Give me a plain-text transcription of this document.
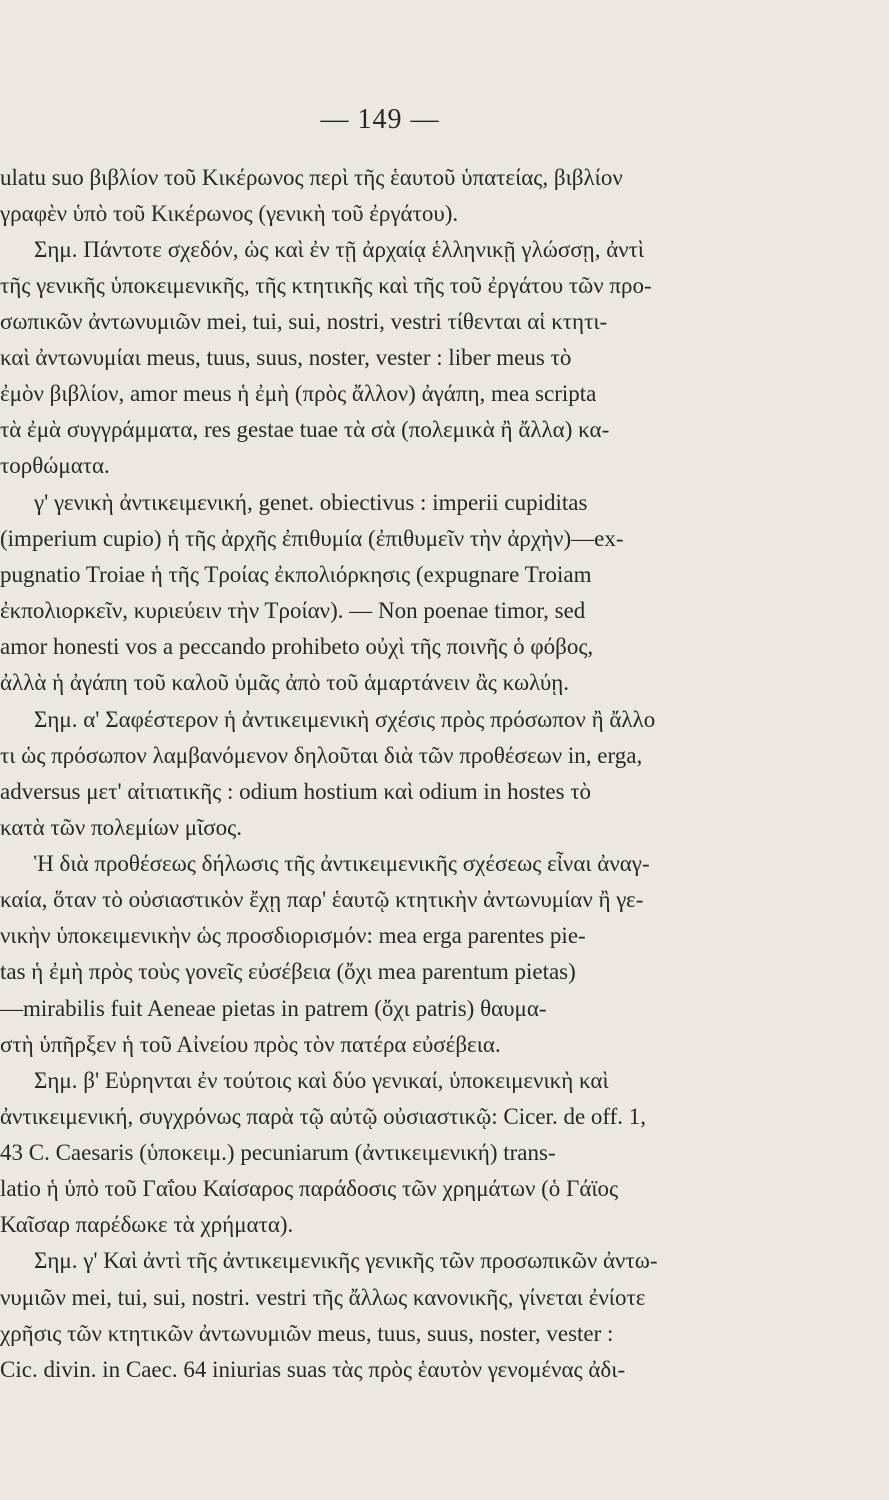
— 149 —
ulatu suo βιβλίον τοῦ Κικέρωνος περὶ τῆς ἑαυτοῦ ὑπατείας, βιβλίον
γραφὲν ὑπὸ τοῦ Κικέρωνος (γενικὴ τοῦ ἐργάτου).
Σημ. Πάντοτε σχεδόν, ὡς καὶ ἐν τῇ ἀρχαίᾳ ἑλληνικῇ γλώσσῃ, ἀντὶ
τῆς γενικῆς ὑποκειμενικῆς, τῆς κτητικῆς καὶ τῆς τοῦ ἐργάτου τῶν προ-
σωπικῶν ἀντωνυμιῶν mei, tui, sui, nostri, vestri τίθενται αἱ κτητι-
καὶ ἀντωνυμίαι meus, tuus, suus, noster, vester : liber meus τὸ
ἐμὸν βιβλίον, amor meus ἡ ἐμὴ (πρὸς ἄλλον) ἀγάπη, mea scripta
τὰ ἐμὰ συγγράμματα, res gestae tuae τὰ σὰ (πολεμικὰ ἢ ἄλλα) κα-
τορθώματα.
γ' γενικὴ ἀντικειμενική, genet. obiectivus : imperii cupiditas
(imperium cupio) ἡ τῆς ἀρχῆς ἐπιθυμία (ἐπιθυμεῖν τὴν ἀρχὴν)—ex-
pugnatio Troiae ἡ τῆς Τροίας ἐκπολιόρκησις (expugnare Troiam
ἐκπολιορκεῖν, κυριεύειν τὴν Τροίαν). — Non poenae timor, sed
amor honesti vos a peccando prohibeto οὐχὶ τῆς ποινῆς ὁ φόβος,
ἀλλὰ ἡ ἀγάπη τοῦ καλοῦ ὑμᾶς ἀπὸ τοῦ ἁμαρτάνειν ἂς κωλύῃ.
Σημ. α' Σαφέστερον ἡ ἀντικειμενικὴ σχέσις πρὸς πρόσωπον ἢ ἄλλο
τι ὡς πρόσωπον λαμβανόμενον δηλοῦται διὰ τῶν προθέσεων in, erga,
adversus μετ' αἰτιατικῆς : odium hostium καὶ odium in hostes τὸ
κατὰ τῶν πολεμίων μῖσος.
Ἡ διὰ προθέσεως δήλωσις τῆς ἀντικειμενικῆς σχέσεως εἶναι ἀναγ-
καία, ὅταν τὸ οὐσιαστικὸν ἔχῃ παρ' ἑαυτῷ κτητικὴν ἀντωνυμίαν ἢ γε-
νικὴν ὑποκειμενικὴν ὡς προσδιορισμόν: mea erga parentes pie-
tas ἡ ἐμὴ πρὸς τοὺς γονεῖς εὐσέβεια (ὄχι mea parentum pietas)
—mirabilis fuit Aeneae pietas in patrem (ὄχι patris) θαυμα-
στὴ ὑπῆρξεν ἡ τοῦ Αἰνείου πρὸς τὸν πατέρα εὐσέβεια.
Σημ. β' Εὑρηνται ἐν τούτοις καὶ δύο γενικαί, ὑποκειμενικὴ καὶ
ἀντικειμενική, συγχρόνως παρὰ τῷ αὐτῷ οὐσιαστικῷ: Cicer. de off. 1,
43 C. Caesaris (ὑποκειμ.) pecuniarum (ἀντικειμενική) trans-
latio ἡ ὑπὸ τοῦ Γαΐου Καίσαρος παράδοσις τῶν χρημάτων (ὁ Γάϊος
Καῖσαρ παρέδωκε τὰ χρήματα).
Σημ. γ' Καὶ ἀντὶ τῆς ἀντικειμενικῆς γενικῆς τῶν προσωπικῶν ἀντω-
νυμιῶν mei, tui, sui, nostri. vestri τῆς ἄλλως κανονικῆς, γίνεται ἐνίοτε
χρῆσις τῶν κτητικῶν ἀντωνυμιῶν meus, tuus, suus, noster, vester :
Cic. divin. in Caec. 64 iniurias suas τὰς πρὸς ἑαυτὸν γενομένας ἀδι-
